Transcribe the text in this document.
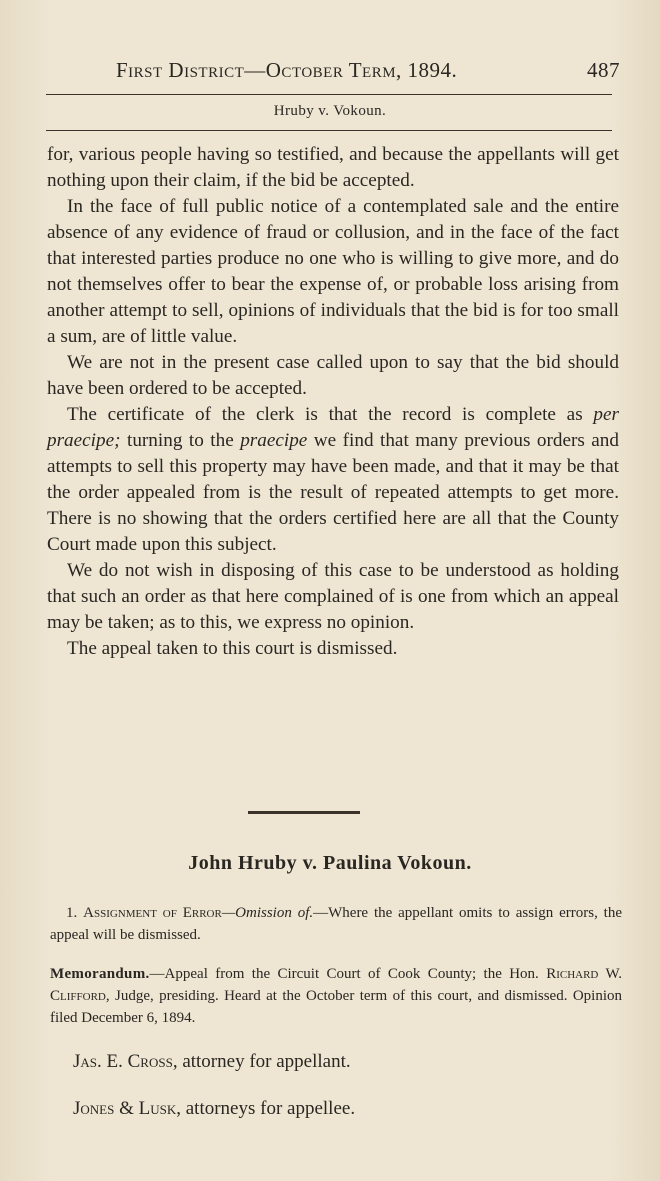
First District—October Term, 1894.	487
Hruby v. Vokoun.

for, various people having so testified, and because the appellants will get nothing upon their claim, if the bid be accepted.

In the face of full public notice of a contemplated sale and the entire absence of any evidence of fraud or collusion, and in the face of the fact that interested parties produce no one who is willing to give more, and do not themselves offer to bear the expense of, or probable loss arising from another attempt to sell, opinions of individuals that the bid is for too small a sum, are of little value.

We are not in the present case called upon to say that the bid should have been ordered to be accepted.

The certificate of the clerk is that the record is complete as per praecipe; turning to the praecipe we find that many previous orders and attempts to sell this property may have been made, and that it may be that the order appealed from is the result of repeated attempts to get more. There is no showing that the orders certified here are all that the County Court made upon this subject.

We do not wish in disposing of this case to be understood as holding that such an order as that here complained of is one from which an appeal may be taken; as to this, we express no opinion.

The appeal taken to this court is dismissed.

John Hruby v. Paulina Vokoun.

1. Assignment of Error—Omission of.—Where the appellant omits to assign errors, the appeal will be dismissed.

Memorandum.—Appeal from the Circuit Court of Cook County; the Hon. Richard W. Clifford, Judge, presiding. Heard at the October term of this court, and dismissed. Opinion filed December 6, 1894.

Jas. E. Cross, attorney for appellant.
Jones & Lusk, attorneys for appellee.
